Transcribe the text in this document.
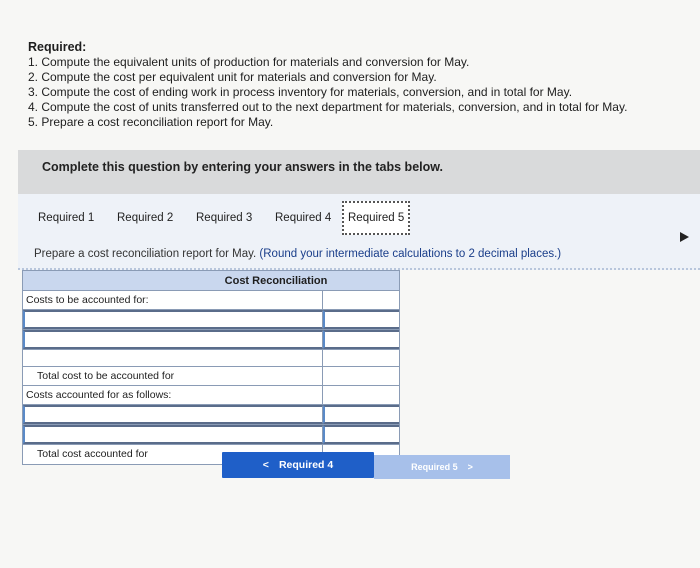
Required:
1. Compute the equivalent units of production for materials and conversion for May.
2. Compute the cost per equivalent unit for materials and conversion for May.
3. Compute the cost of ending work in process inventory for materials, conversion, and in total for May.
4. Compute the cost of units transferred out to the next department for materials, conversion, and in total for May.
5. Prepare a cost reconciliation report for May.
Complete this question by entering your answers in the tabs below.
Required 1	Required 2	Required 3	Required 4	Required 5
Prepare a cost reconciliation report for May. (Round your intermediate calculations to 2 decimal places.)
Cost Reconciliation
Costs to be accounted for:
Total cost to be accounted for
Costs accounted for as follows:
Total cost accounted for
< Required 4	Required 5 >
